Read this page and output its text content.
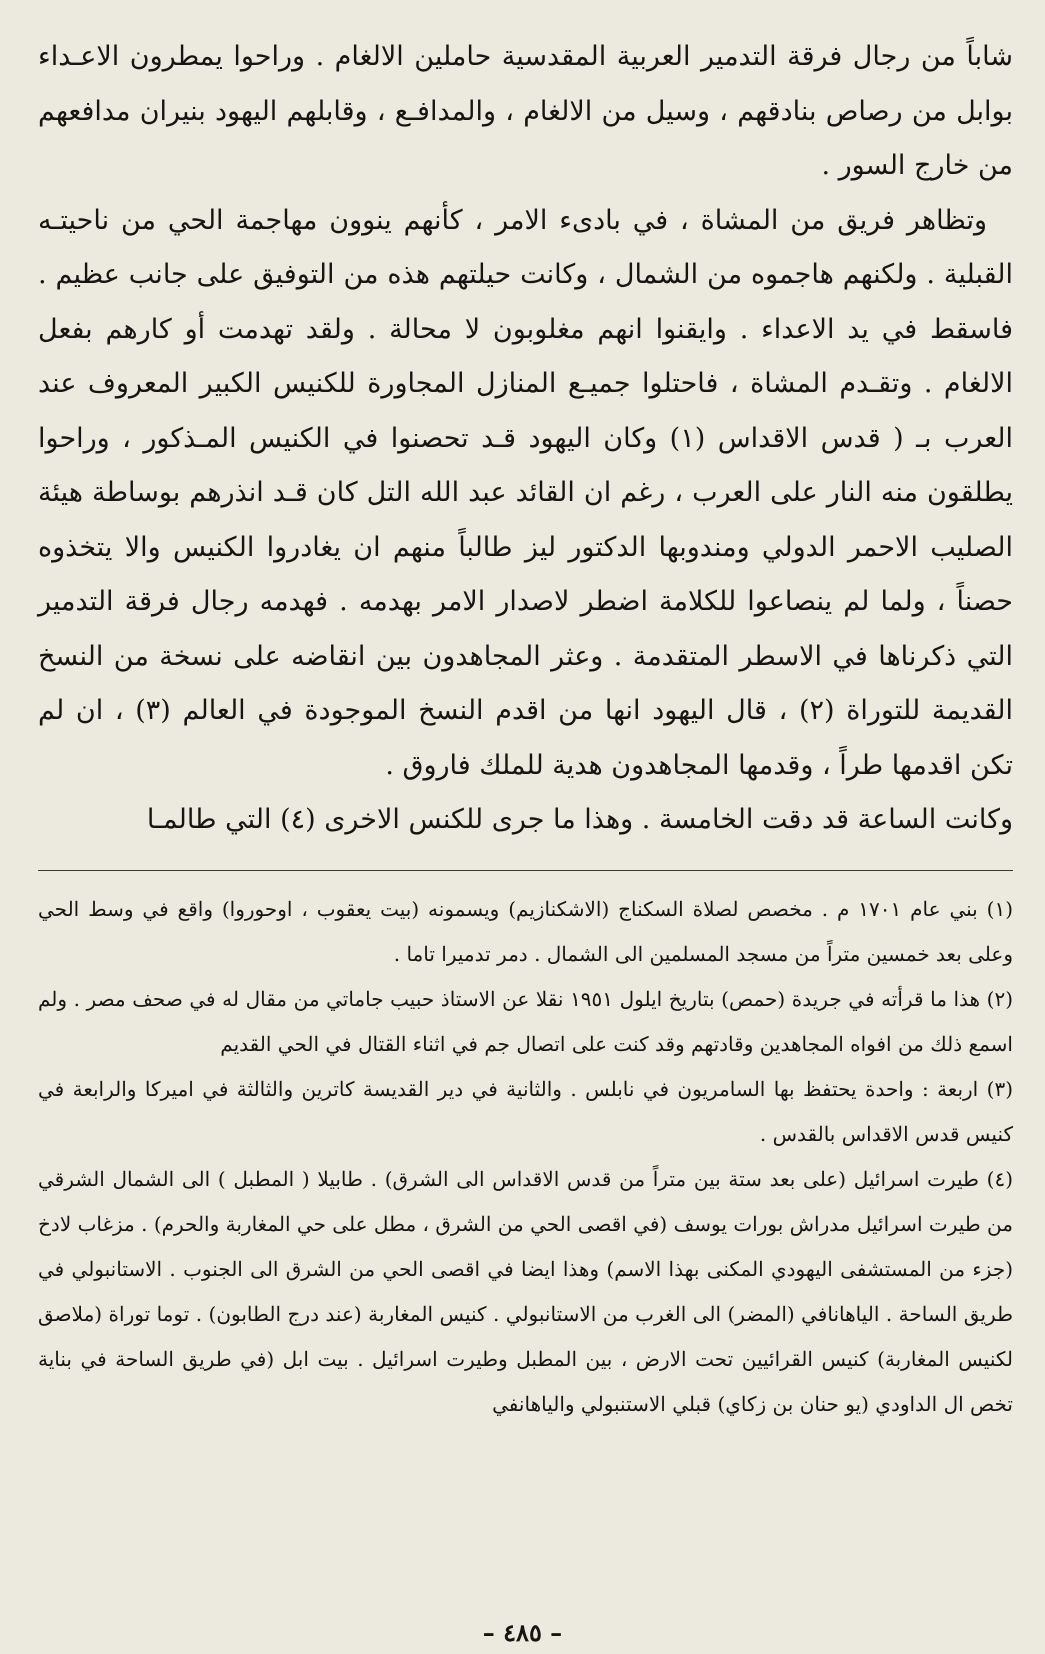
شاباً من رجال فرقة التدمير العربية المقدسية حاملين الالغام . وراحوا يمطرون الاعـداء بوابل من رصاص بنادقهم ، وسيل من الالغام ، والمدافـع ، وقابلهم اليهود بنيران مدافعهم من خارج السور .

وتظاهر فريق من المشاة ، في بادىء الامر ، كأنهم ينوون مهاجمة الحي من ناحيتـه القبلية . ولكنهم هاجموه من الشمال ، وكانت حيلتهم هذه من التوفيق على جانب عظيم . فاسقط في يد الاعداء . وايقنوا انهم مغلوبون لا محالة . ولقد تهدمت أو كارهم بفعل الالغام . وتقـدم المشاة ، فاحتلوا جميـع المنازل المجاورة للكنيس الكبير المعروف عند العرب بـ ( قدس الاقداس (١) وكان اليهود قـد تحصنوا في الكنيس المـذكور ، وراحوا يطلقون منه النار على العرب ، رغم ان القائد عبد الله التل كان قـد انذرهم بوساطة هيئة الصليب الاحمر الدولي ومندوبها الدكتور ليز طالباً منهم ان يغادروا الكنيس والا يتخذوه حصناً ، ولما لم ينصاعوا للكلامة اضطر لاصدار الامر بهدمه . فهدمه رجال فرقة التدمير التي ذكرناها في الاسطر المتقدمة . وعثر المجاهدون بين انقاضه على نسخة من النسخ القديمة للتوراة (٢) ، قال اليهود انها من اقدم النسخ الموجودة في العالم (٣) ، ان لم تكن اقدمها طراً ، وقدمها المجاهدون هدية للملك فاروق .

وكانت الساعة قد دقت الخامسة . وهذا ما جرى للكنس الاخرى (٤) التي طالمـا

(١) بني عام ١٧٠١ م . مخصص لصلاة السكناج (الاشكنازيم) ويسمونه (بيت يعقوب ، اوحوروا) واقع في وسط الحي وعلى بعد خمسين متراً من مسجد المسلمين الى الشمال . دمر تدميرا تاما .

(٢) هذا ما قرأته في جريدة (حمص) بتاريخ ايلول ١٩٥١ نقلا عن الاستاذ حبيب جاماتي من مقال له في صحف مصر . ولم اسمع ذلك من افواه المجاهدين وقادتهم وقد كنت على اتصال جم في اثناء القتال في الحي القديم

(٣) اربعة : واحدة يحتفظ بها السامريون في نابلس . والثانية في دير القديسة كاترين والثالثة في اميركا والرابعة في كنيس قدس الاقداس بالقدس .

(٤) طيرت اسرائيل (على بعد ستة بين متراً من قدس الاقداس الى الشرق) . طابيلا ( المطبل ) الى الشمال الشرقي من طيرت اسرائيل مدراش بورات يوسف (في اقصى الحي من الشرق ، مطل على حي المغاربة والحرم) . مزغاب لادخ (جزء من المستشفى اليهودي المكنى بهذا الاسم) وهذا ايضا في اقصى الحي من الشرق الى الجنوب . الاستانبولي في طريق الساحة . الياهانافي (المضر) الى الغرب من الاستانبولي . كنيس المغاربة (عند درج الطابون) . توما توراة (ملاصق لكنيس المغاربة) كنيس القرائيين تحت الارض ، بين المطبل وطيرت اسرائيل . بيت ابل (في طريق الساحة في بناية تخص ال الداودي (يو حنان بن زكاي) قبلي الاستنبولي والياهانفي

– ٤٨٥ –
